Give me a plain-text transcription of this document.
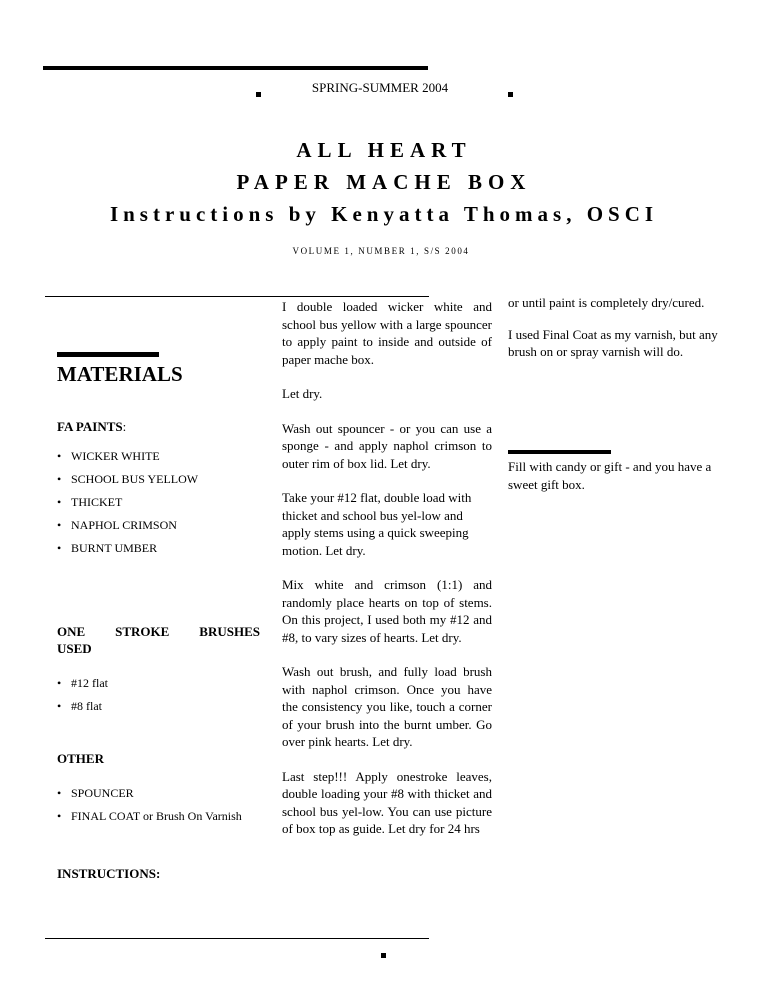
SPRING-SUMMER 2004
ALL HEART
PAPER MACHE BOX
Instructions by Kenyatta Thomas, OSCI
VOLUME 1, NUMBER 1, S/S 2004
MATERIALS
FA PAINTS:
• WICKER WHITE
• SCHOOL BUS YELLOW
• THICKET
• NAPHOL CRIMSON
• BURNT UMBER
ONE STROKE BRUSHES USED
• #12 flat
• #8 flat
OTHER
• SPOUNCER
• FINAL COAT or Brush On Varnish
INSTRUCTIONS:

I double loaded wicker white and school bus yellow with a large spouncer to apply paint to inside and outside of paper mache box.

Let dry.

Wash out spouncer - or you can use a sponge - and apply naphol crimson to outer rim of box lid. Let dry.

Take your #12 flat, double load with thicket and school bus yel-low and apply stems using a quick sweeping motion. Let dry.

Mix white and crimson (1:1) and randomly place hearts on top of stems. On this project, I used both my #12 and #8, to vary sizes of hearts. Let dry.

Wash out brush, and fully load brush with naphol crimson. Once you have the consistency you like, touch a corner of your brush into the burnt umber. Go over pink hearts. Let dry.

Last step!!! Apply onestroke leaves, double loading your #8 with thicket and school bus yel-low. You can use picture of box top as guide. Let dry for 24 hrs

or until paint is completely dry/cured.

I used Final Coat as my varnish, but any brush on or spray varnish will do.

Fill with candy or gift - and you have a sweet gift box.
